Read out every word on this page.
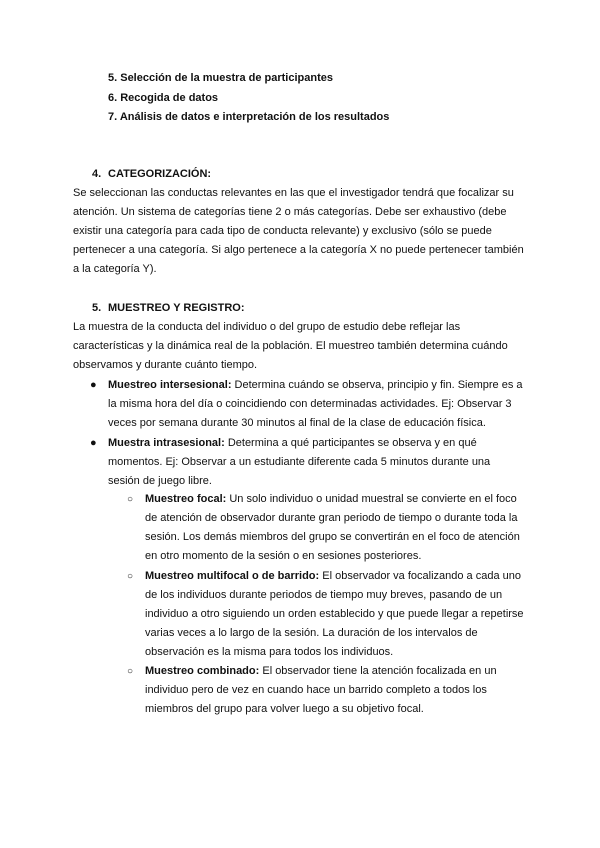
5. Selección de la muestra de participantes
6. Recogida de datos
7. Análisis de datos e interpretación de los resultados
4. CATEGORIZACIÓN:
Se seleccionan las conductas relevantes en las que el investigador tendrá que focalizar su
atención. Un sistema de categorías tiene 2 o más categorías. Debe ser exhaustivo (debe
existir una categoría para cada tipo de conducta relevante) y exclusivo (sólo se puede
pertenecer a una categoría. Si algo pertenece a la categoría X no puede pertenecer también
a la categoría Y).
5. MUESTREO Y REGISTRO:
La muestra de la conducta del individuo o del grupo de estudio debe reflejar las
características y la dinámica real de la población. El muestreo también determina cuándo
observamos y durante cuánto tiempo.
● Muestreo intersesional: Determina cuándo se observa, principio y fin. Siempre es a
la misma hora del día o coincidiendo con determinadas actividades. Ej: Observar 3
veces por semana durante 30 minutos al final de la clase de educación física.
● Muestra intrasesional: Determina a qué participantes se observa y en qué
momentos. Ej: Observar a un estudiante diferente cada 5 minutos durante una
sesión de juego libre.
○ Muestreo focal: Un solo individuo o unidad muestral se convierte en el foco
de atención de observador durante gran periodo de tiempo o durante toda la
sesión. Los demás miembros del grupo se convertirán en el foco de atención
en otro momento de la sesión o en sesiones posteriores.
○ Muestreo multifocal o de barrido: El observador va focalizando a cada uno
de los individuos durante periodos de tiempo muy breves, pasando de un
individuo a otro siguiendo un orden establecido y que puede llegar a repetirse
varias veces a lo largo de la sesión. La duración de los intervalos de
observación es la misma para todos los individuos.
○ Muestreo combinado: El observador tiene la atención focalizada en un
individuo pero de vez en cuando hace un barrido completo a todos los
miembros del grupo para volver luego a su objetivo focal.
